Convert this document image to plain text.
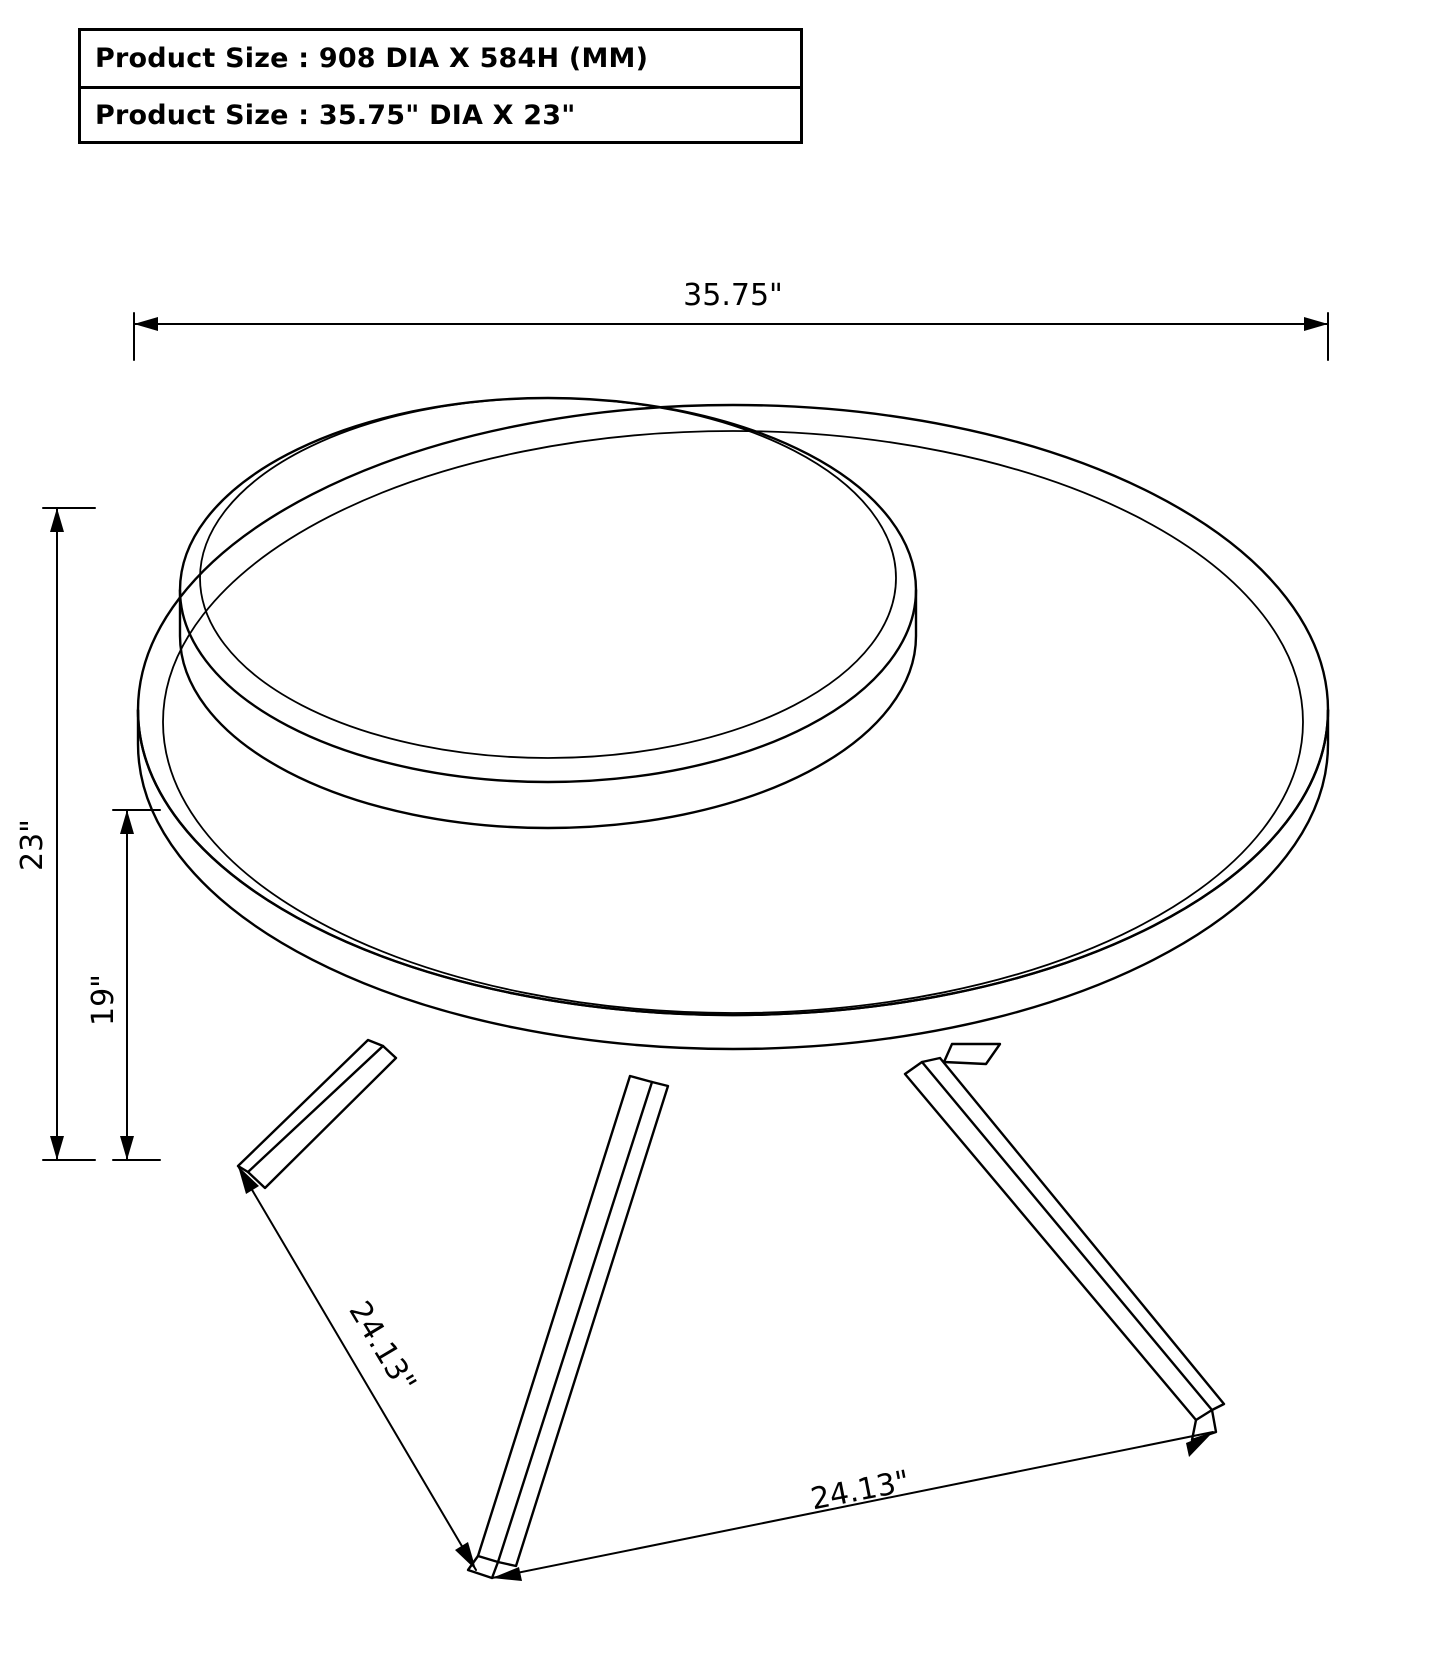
Product Size : 908 DIA X 584H (MM)
Product Size : 35.75" DIA X 23"
35.75"
23"
19"
24.13"
24.13"
